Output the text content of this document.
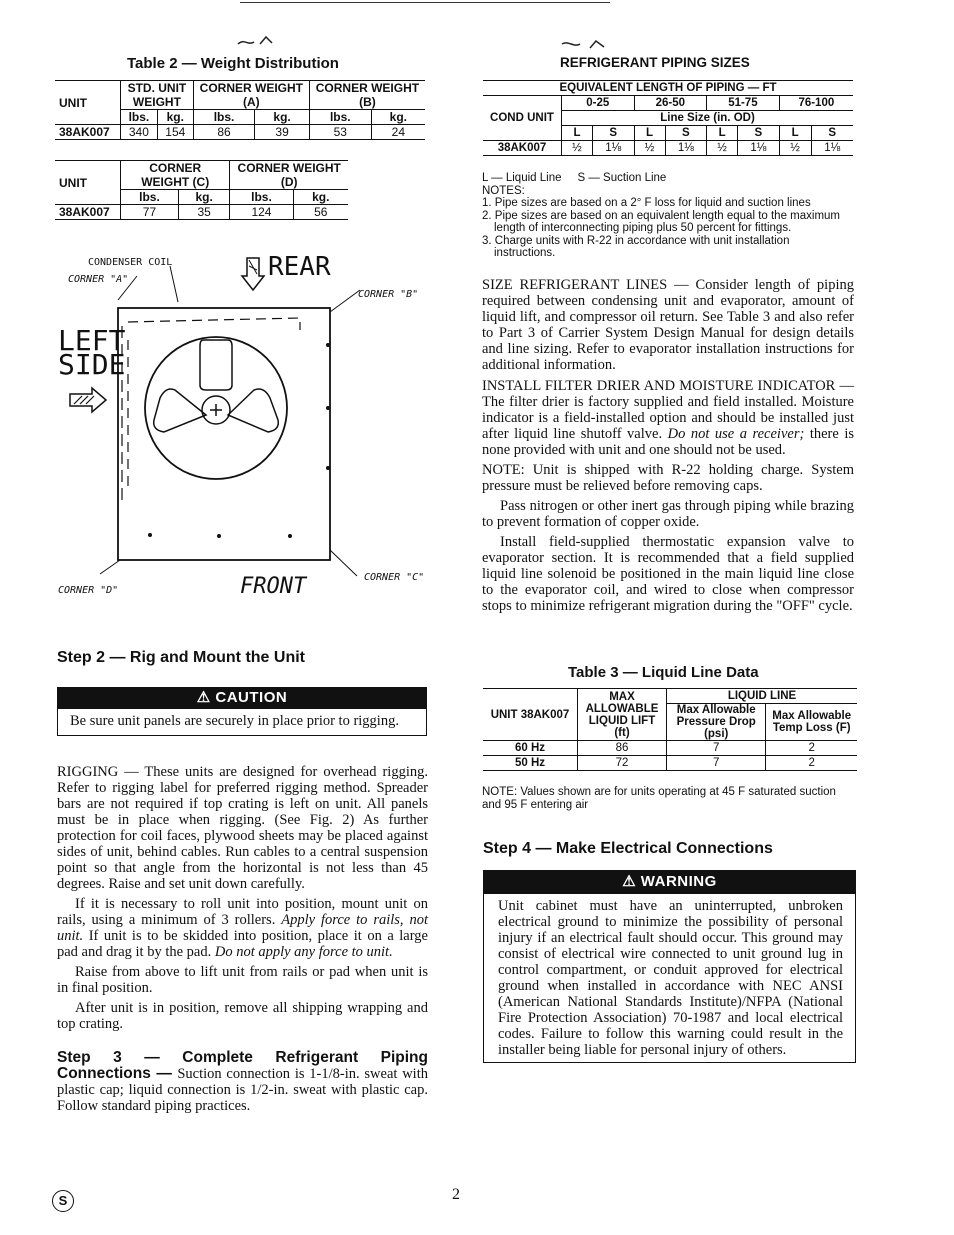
Table 2 — Weight Distribution
UNIT	STD. UNIT WEIGHT		CORNER WEIGHT (A)		CORNER WEIGHT (B)	
	lbs.	kg.	lbs.	kg.	lbs.	kg.
38AK007	340	154	86	39	53	24
UNIT	CORNER WEIGHT (C)		CORNER WEIGHT (D)	
	lbs.	kg.	lbs.	kg.
38AK007	77	35	124	56
CONDENSER COIL
CORNER "A"
CORNER "B"
CORNER "C"
CORNER "D"
REAR
FRONT
LEFT
SIDE
Step 2 — Rig and Mount the Unit
⚠ CAUTION
Be sure unit panels are securely in place prior to rigging.

RIGGING — These units are designed for overhead rigging. Refer to rigging label for preferred rigging method. Spreader bars are not required if top crating is left on unit. All panels must be in place when rigging. (See Fig. 2) As further protection for coil faces, plywood sheets may be placed against sides of unit, behind cables. Run cables to a central suspension point so that angle from the horizontal is not less than 45 degrees. Raise and set unit down carefully.

If it is necessary to roll unit into position, mount unit on rails, using a minimum of 3 rollers. Apply force to rails, not unit. If unit is to be skidded into position, place it on a large pad and drag it by the pad. Do not apply any force to unit.

Raise from above to lift unit from rails or pad when unit is in final position.

After unit is in position, remove all shipping wrapping and top crating.

Step 3 — Complete Refrigerant Piping Connections — Suction connection is 1-1/8-in. sweat with plastic cap; liquid connection is 1/2-in. sweat with plastic cap. Follow standard piping practices.

REFRIGERANT PIPING SIZES
EQUIVALENT LENGTH OF PIPING — FT								
COND UNIT	0-25		26-50		51-75		76-100	
	Line Size (in. OD)							
	L	S	L	S	L	S	L	S
38AK007	½	1⅛	½	1⅛	½	1⅛	½	1⅛
L — Liquid Line     S — Suction Line
NOTES:
1. Pipe sizes are based on a 2° F loss for liquid and suction lines
2. Pipe sizes are based on an equivalent length equal to the maximum length of interconnecting piping plus 50 percent for fittings.
3. Charge units with R-22 in accordance with unit installation instructions.

SIZE REFRIGERANT LINES — Consider length of piping required between condensing unit and evaporator, amount of liquid lift, and compressor oil return. See Table 3 and also refer to Part 3 of Carrier System Design Manual for design details and line sizing. Refer to evaporator installation instructions for additional information.

INSTALL FILTER DRIER AND MOISTURE INDICATOR — The filter drier is factory supplied and field installed. Moisture indicator is a field-installed option and should be installed just after liquid line shutoff valve. Do not use a receiver; there is none provided with unit and one should not be used.

NOTE: Unit is shipped with R-22 holding charge. System pressure must be relieved before removing caps.

Pass nitrogen or other inert gas through piping while brazing to prevent formation of copper oxide.

Install field-supplied thermostatic expansion valve to evaporator section. It is recommended that a field supplied liquid line solenoid be positioned in the main liquid line close to the evaporator coil, and wired to close when compressor stops to minimize refrigerant migration during the "OFF" cycle.

Table 3 — Liquid Line Data
UNIT 38AK007	MAX ALLOWABLE LIQUID LIFT (ft)	LIQUID LINE	
		Max Allowable Pressure Drop (psi)	Max Allowable Temp Loss (F)
60 Hz	86	7	2
50 Hz	72	7	2
NOTE: Values shown are for units operating at 45 F saturated suction and 95 F entering air
Step 4 — Make Electrical Connections
⚠ WARNING
Unit cabinet must have an uninterrupted, unbroken electrical ground to minimize the possibility of personal injury if an electrical fault should occur. This ground may consist of electrical wire connected to unit ground lug in control compartment, or conduit approved for electrical ground when installed in accordance with NEC ANSI (American National Standards Institute)/NFPA (National Fire Protection Association) 70-1987 and local electrical codes. Failure to follow this warning could result in the installer being liable for personal injury of others.
S	2
